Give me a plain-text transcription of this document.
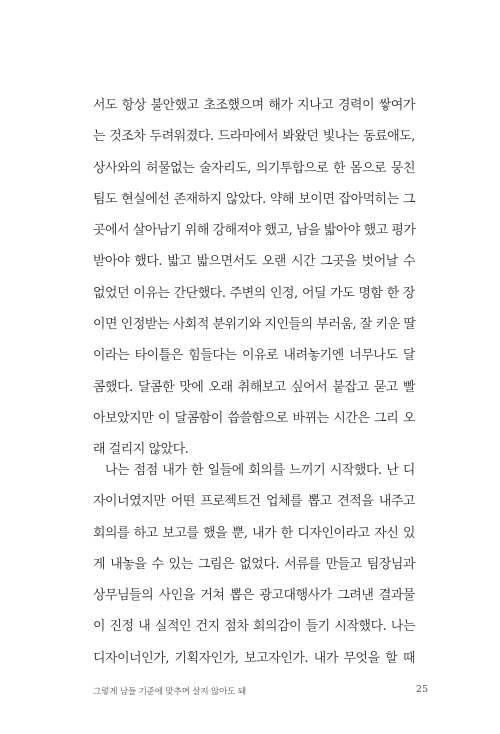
서도 항상 불안했고 초조했으며 해가 지나고 경력이 쌓여가
는 것조차 두려워졌다. 드라마에서 봐왔던 빛나는 동료애도,
상사와의 허물없는 술자리도, 의기투합으로 한 몸으로 뭉친
팀도 현실에선 존재하지 않았다. 약해 보이면 잡아먹히는 그
곳에서 살아남기 위해 강해져야 했고, 남을 밟아야 했고 평가
받아야 했다. 밟고 밟으면서도 오랜 시간 그곳을 벗어날 수
없었던 이유는 간단했다. 주변의 인정, 어딜 가도 명함 한 장
이면 인정받는 사회적 분위기와 지인들의 부러움, 잘 키운 딸
이라는 타이틀은 힘들다는 이유로 내려놓기엔 너무나도 달
콤했다. 달콤한 맛에 오래 취해보고 싶어서 붙잡고 묻고 빨
아보았지만 이 달콤함이 씁쓸함으로 바뀌는 시간은 그리 오
래 걸리지 않았다.
나는 점점 내가 한 일들에 회의를 느끼기 시작했다. 난 디
자이너였지만 어떤 프로젝트건 업체를 뽑고 견적을 내주고
회의를 하고 보고를 했을 뿐, 내가 한 디자인이라고 자신 있
게 내놓을 수 있는 그림은 없었다. 서류를 만들고 팀장님과
상무님들의 사인을 거쳐 뽑은 광고대행사가 그려낸 결과물
이 진정 내 실적인 건지 점차 회의감이 들기 시작했다. 나는
디자이너인가, 기획자인가, 보고자인가. 내가 무엇을 할 때
그렇게 남들 기준에 맞추며 살지 않아도 돼	25
